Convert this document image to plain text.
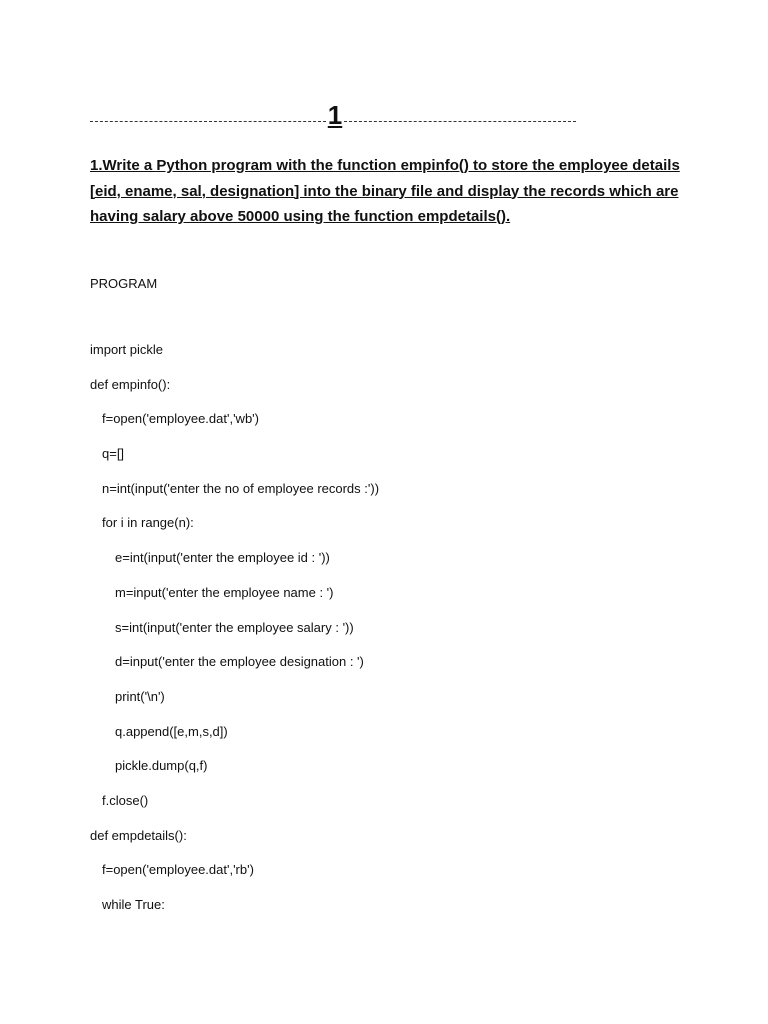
1

1.Write a Python program with the function empinfo() to store the employee details [eid, ename, sal, designation] into the binary file and display the records which are having salary above 50000 using the function empdetails().

PROGRAM

import pickle
def empinfo():
f=open('employee.dat','wb')
q=[]
n=int(input('enter the no of employee records :'))
for i in range(n):
e=int(input('enter the employee id : '))
m=input('enter the employee name : ')
s=int(input('enter the employee salary : '))
d=input('enter the employee designation : ')
print('\n')
q.append([e,m,s,d])
pickle.dump(q,f)
f.close()
def empdetails():
f=open('employee.dat','rb')
while True:
